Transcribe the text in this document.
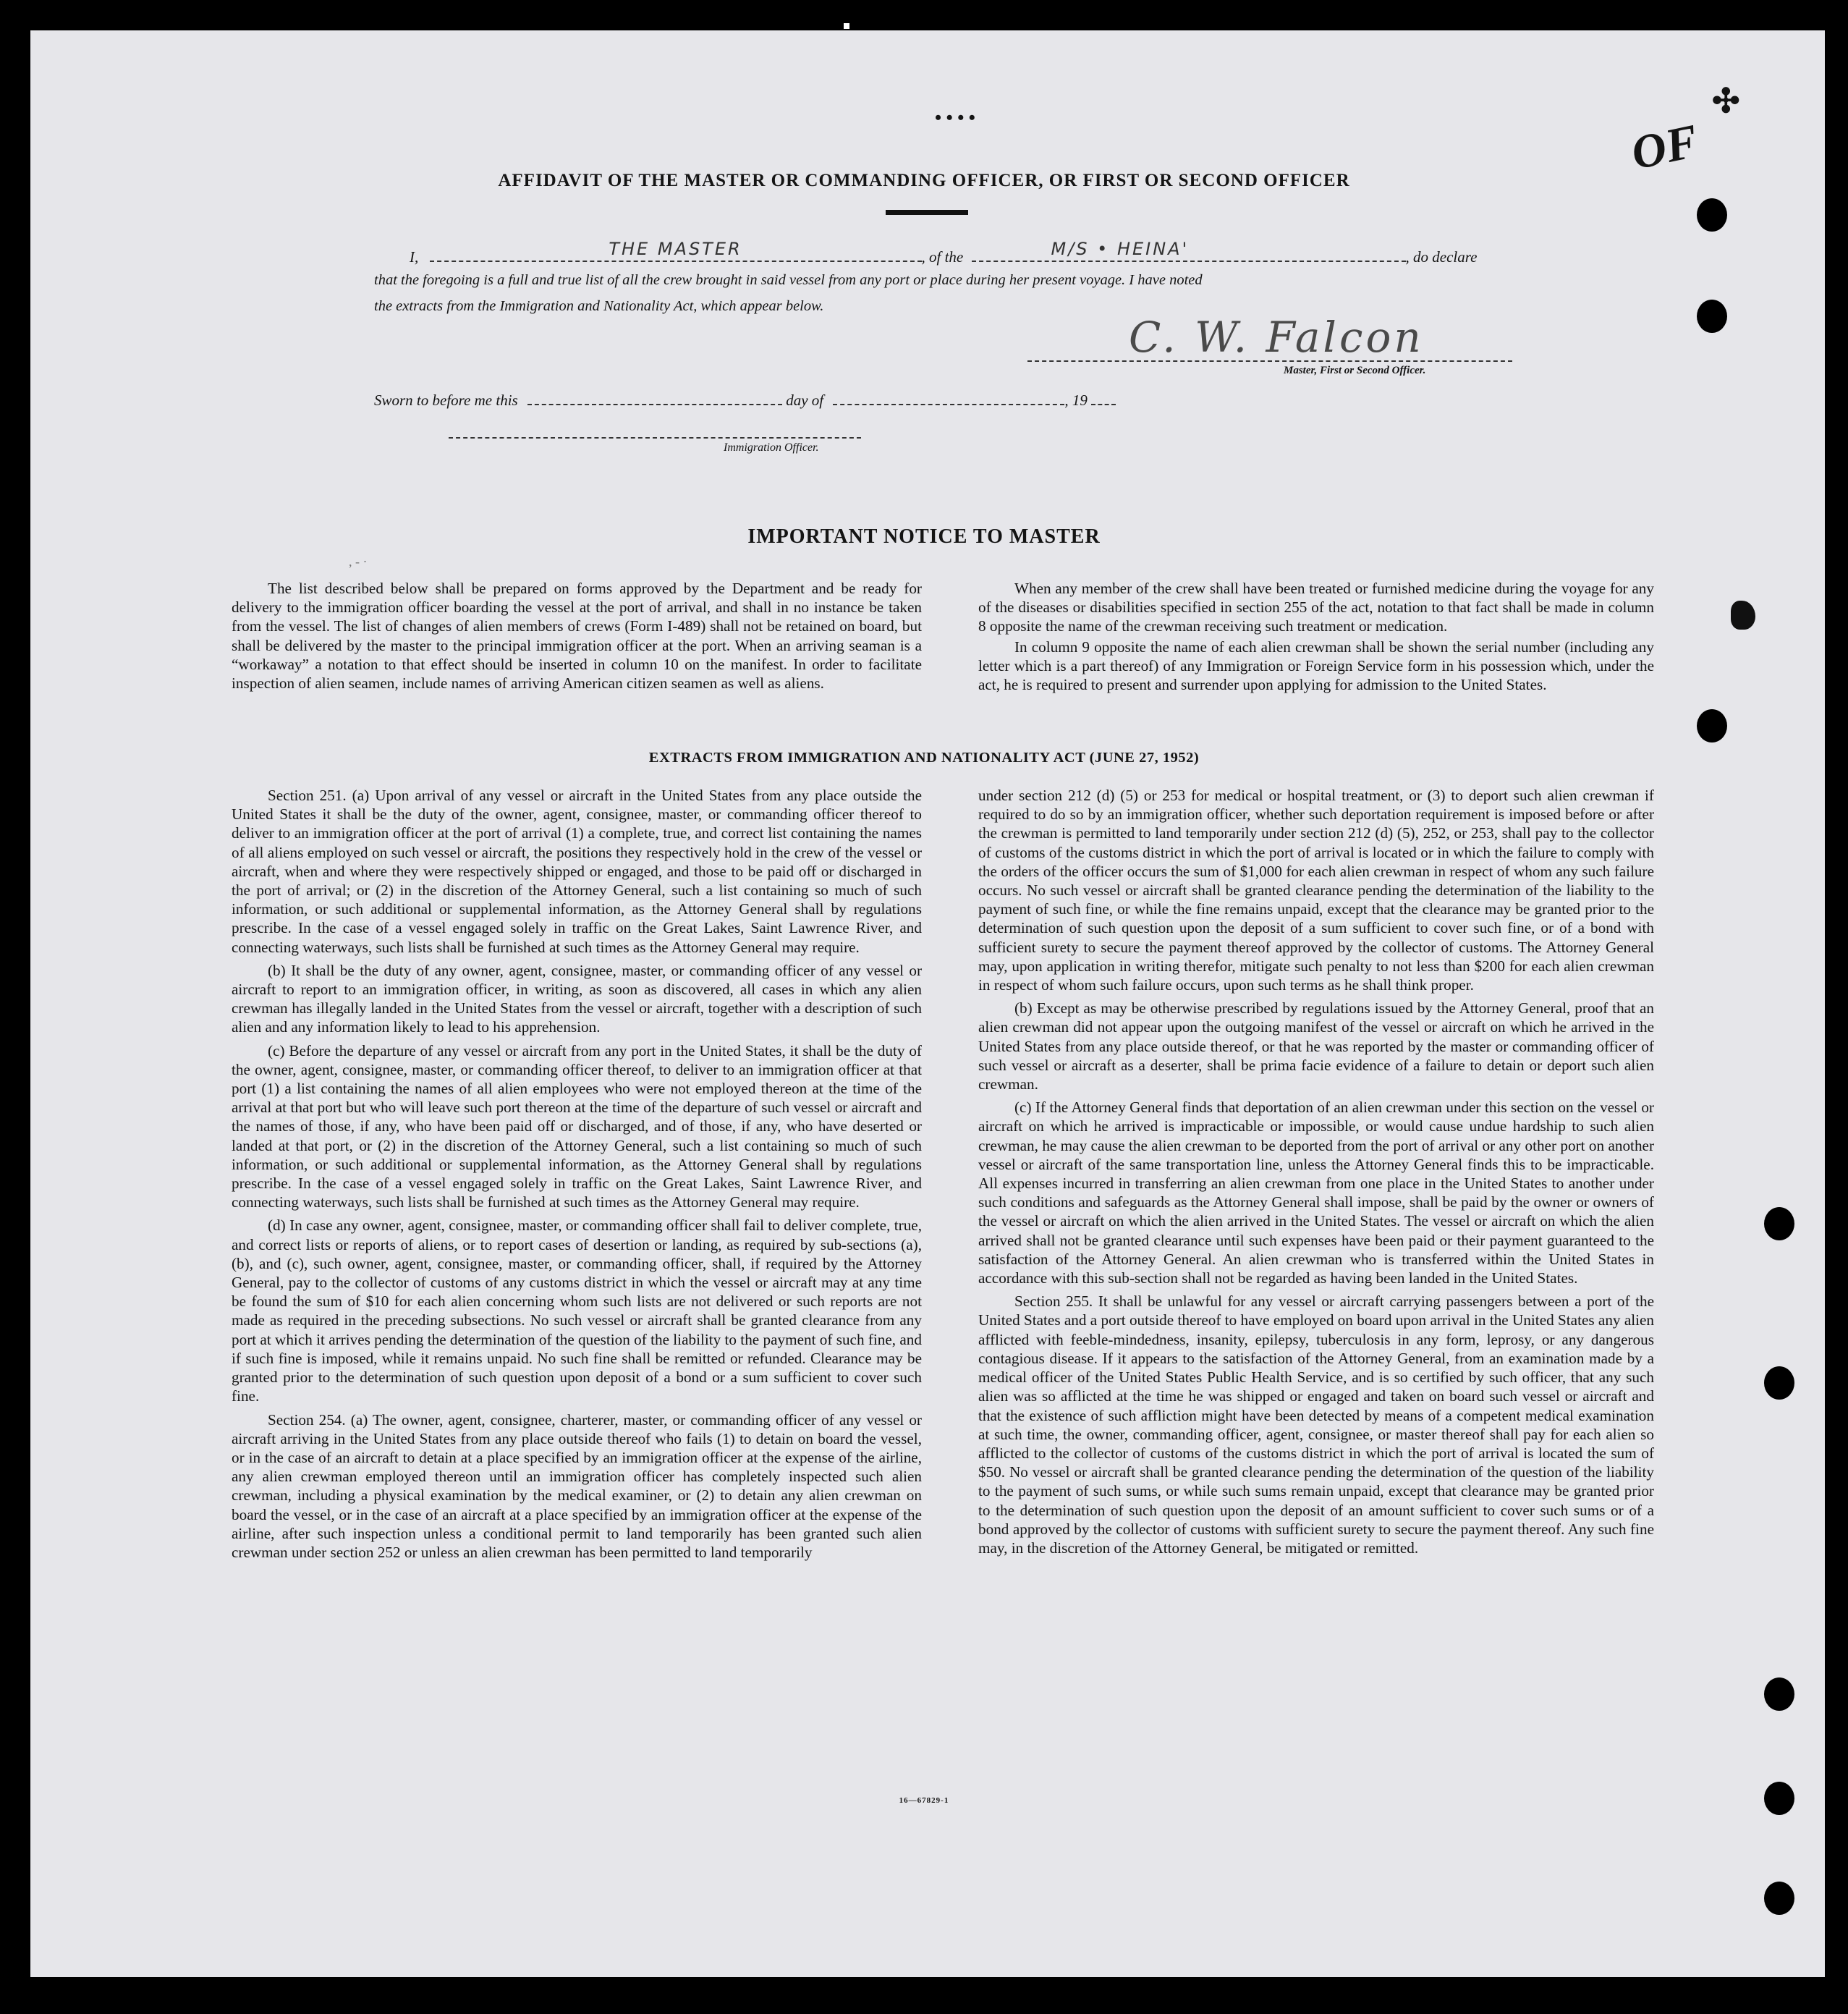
• • • •	OF
✣
AFFIDAVIT OF THE MASTER OR COMMANDING OFFICER, OR FIRST OR SECOND OFFICER
I,	THE MASTER	, of the	M/S • HEINA'	, do declare
that the foregoing is a full and true list of all the crew brought in said vessel from any port or place during her present voyage. I have noted
the extracts from the Immigration and Nationality Act, which appear below.
C. W. Falcon
Master, First or Second Officer.
Sworn to before me this	day of	, 19
Immigration Officer.
IMPORTANT NOTICE TO MASTER
, - ·

The list described below shall be prepared on forms approved by the Department and be ready for delivery to the immigration officer boarding the vessel at the port of arrival, and shall in no instance be taken from the vessel. The list of changes of alien members of crews (Form I-489) shall not be retained on board, but shall be delivered by the master to the principal immigration officer at the port. When an arriving seaman is a “workaway” a notation to that effect should be inserted in column 10 on the manifest. In order to facilitate inspection of alien seamen, include names of arriving American citizen seamen as well as aliens.

When any member of the crew shall have been treated or furnished medicine during the voyage for any of the diseases or disabilities specified in section 255 of the act, notation to that fact shall be made in column 8 opposite the name of the crewman receiving such treatment or medication.

In column 9 opposite the name of each alien crewman shall be shown the serial number (including any letter which is a part thereof) of any Immigration or Foreign Service form in his possession which, under the act, he is required to present and surrender upon applying for admission to the United States.

EXTRACTS FROM IMMIGRATION AND NATIONALITY ACT (JUNE 27, 1952)

Section 251. (a) Upon arrival of any vessel or aircraft in the United States from any place outside the United States it shall be the duty of the owner, agent, consignee, master, or commanding officer thereof to deliver to an immigration officer at the port of arrival (1) a complete, true, and correct list containing the names of all aliens employed on such vessel or aircraft, the positions they respectively hold in the crew of the vessel or aircraft, when and where they were respectively shipped or engaged, and those to be paid off or discharged in the port of arrival; or (2) in the discretion of the Attorney General, such a list containing so much of such information, or such additional or supplemental information, as the Attorney General shall by regulations prescribe. In the case of a vessel engaged solely in traffic on the Great Lakes, Saint Lawrence River, and connecting waterways, such lists shall be furnished at such times as the Attorney General may require.

(b) It shall be the duty of any owner, agent, consignee, master, or commanding officer of any vessel or aircraft to report to an immigration officer, in writing, as soon as discovered, all cases in which any alien crewman has illegally landed in the United States from the vessel or aircraft, together with a description of such alien and any information likely to lead to his apprehension.

(c) Before the departure of any vessel or aircraft from any port in the United States, it shall be the duty of the owner, agent, consignee, master, or commanding officer thereof, to deliver to an immigration officer at that port (1) a list containing the names of all alien employees who were not employed thereon at the time of the arrival at that port but who will leave such port thereon at the time of the departure of such vessel or aircraft and the names of those, if any, who have been paid off or discharged, and of those, if any, who have deserted or landed at that port, or (2) in the discretion of the Attorney General, such a list containing so much of such information, or such additional or supplemental information, as the Attorney General shall by regulations prescribe. In the case of a vessel engaged solely in traffic on the Great Lakes, Saint Lawrence River, and connecting waterways, such lists shall be furnished at such times as the Attorney General may require.

(d) In case any owner, agent, consignee, master, or commanding officer shall fail to deliver complete, true, and correct lists or reports of aliens, or to report cases of desertion or landing, as required by sub-sections (a), (b), and (c), such owner, agent, consignee, master, or commanding officer, shall, if required by the Attorney General, pay to the collector of customs of any customs district in which the vessel or aircraft may at any time be found the sum of $10 for each alien concerning whom such lists are not delivered or such reports are not made as required in the preceding subsections. No such vessel or aircraft shall be granted clearance from any port at which it arrives pending the determination of the question of the liability to the payment of such fine, and if such fine is imposed, while it remains unpaid. No such fine shall be remitted or refunded. Clearance may be granted prior to the determination of such question upon deposit of a bond or a sum sufficient to cover such fine.

Section 254. (a) The owner, agent, consignee, charterer, master, or commanding officer of any vessel or aircraft arriving in the United States from any place outside thereof who fails (1) to detain on board the vessel, or in the case of an aircraft to detain at a place specified by an immigration officer at the expense of the airline, any alien crewman employed thereon until an immigration officer has completely inspected such alien crewman, including a physical examination by the medical examiner, or (2) to detain any alien crewman on board the vessel, or in the case of an aircraft at a place specified by an immigration officer at the expense of the airline, after such inspection unless a conditional permit to land temporarily has been granted such alien crewman under section 252 or unless an alien crewman has been permitted to land temporarily

under section 212 (d) (5) or 253 for medical or hospital treatment, or (3) to deport such alien crewman if required to do so by an immigration officer, whether such deportation requirement is imposed before or after the crewman is permitted to land temporarily under section 212 (d) (5), 252, or 253, shall pay to the collector of customs of the customs district in which the port of arrival is located or in which the failure to comply with the orders of the officer occurs the sum of $1,000 for each alien crewman in respect of whom any such failure occurs. No such vessel or aircraft shall be granted clearance pending the determination of the liability to the payment of such fine, or while the fine remains unpaid, except that the clearance may be granted prior to the determination of such question upon the deposit of a sum sufficient to cover such fine, or of a bond with sufficient surety to secure the payment thereof approved by the collector of customs. The Attorney General may, upon application in writing therefor, mitigate such penalty to not less than $200 for each alien crewman in respect of whom such failure occurs, upon such terms as he shall think proper.

(b) Except as may be otherwise prescribed by regulations issued by the Attorney General, proof that an alien crewman did not appear upon the outgoing manifest of the vessel or aircraft on which he arrived in the United States from any place outside thereof, or that he was reported by the master or commanding officer of such vessel or aircraft as a deserter, shall be prima facie evidence of a failure to detain or deport such alien crewman.

(c) If the Attorney General finds that deportation of an alien crewman under this section on the vessel or aircraft on which he arrived is impracticable or impossible, or would cause undue hardship to such alien crewman, he may cause the alien crewman to be deported from the port of arrival or any other port on another vessel or aircraft of the same transportation line, unless the Attorney General finds this to be impracticable. All expenses incurred in transferring an alien crewman from one place in the United States to another under such conditions and safeguards as the Attorney General shall impose, shall be paid by the owner or owners of the vessel or aircraft on which the alien arrived in the United States. The vessel or aircraft on which the alien arrived shall not be granted clearance until such expenses have been paid or their payment guaranteed to the satisfaction of the Attorney General. An alien crewman who is transferred within the United States in accordance with this sub-section shall not be regarded as having been landed in the United States.

Section 255. It shall be unlawful for any vessel or aircraft carrying passengers between a port of the United States and a port outside thereof to have employed on board upon arrival in the United States any alien afflicted with feeble-mindedness, insanity, epilepsy, tuberculosis in any form, leprosy, or any dangerous contagious disease. If it appears to the satisfaction of the Attorney General, from an examination made by a medical officer of the United States Public Health Service, and is so certified by such officer, that any such alien was so afflicted at the time he was shipped or engaged and taken on board such vessel or aircraft and that the existence of such affliction might have been detected by means of a competent medical examination at such time, the owner, commanding officer, agent, consignee, or master thereof shall pay for each alien so afflicted to the collector of customs of the customs district in which the port of arrival is located the sum of $50. No vessel or aircraft shall be granted clearance pending the determination of the question of the liability to the payment of such sums, or while such sums remain unpaid, except that clearance may be granted prior to the determination of such question upon the deposit of an amount sufficient to cover such sums or of a bond approved by the collector of customs with sufficient surety to secure the payment thereof. Any such fine may, in the discretion of the Attorney General, be mitigated or remitted.

16—67829-1
